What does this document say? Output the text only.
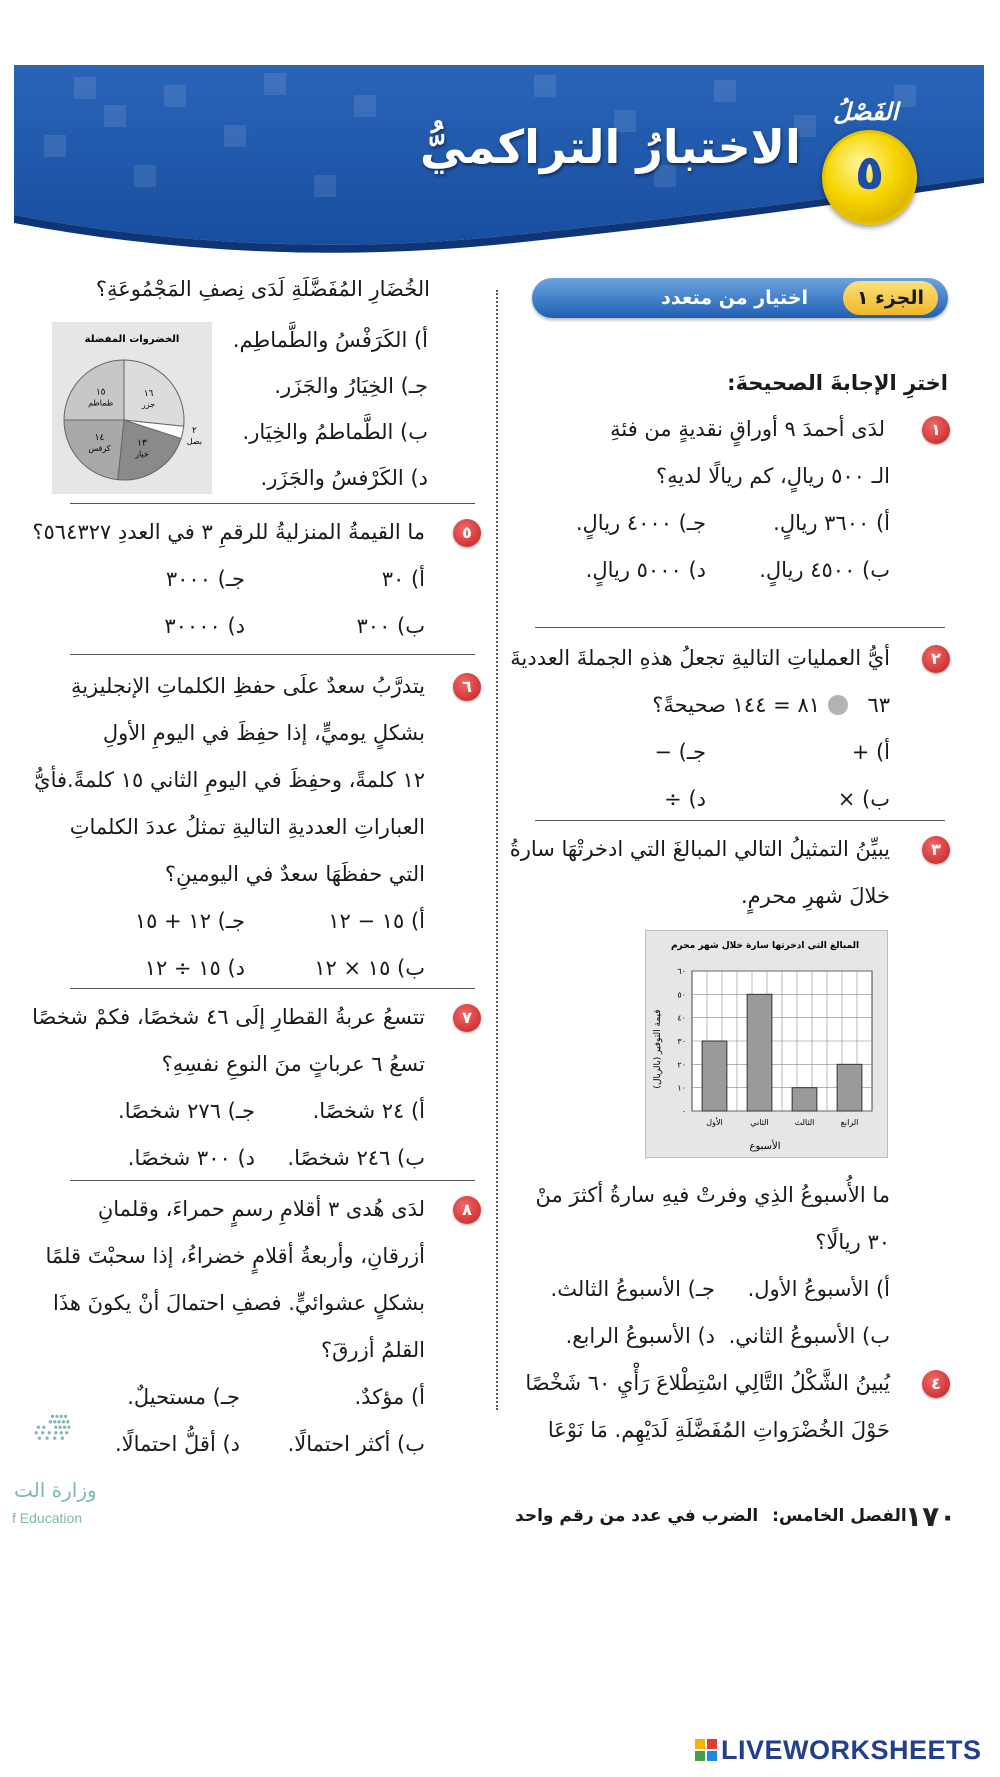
الفَصْلُ
٥
الاختبارُ التراكميُّ
الجزء ١
اختيار من متعدد
اخترِ الإجابةَ الصحيحةَ:
١
لدَى أحمدَ ٩ أوراقٍ نقديةٍ من فئةِ
الـ ٥٠٠ ريالٍ، كم ريالًا لديهِ؟
أ) ٣٦٠٠ ريالٍ.
جـ) ٤٠٠٠ ريالٍ.
ب) ٤٥٠٠ ريالٍ.
د) ٥٠٠٠ ريالٍ.
٢
أيُّ العملياتِ التاليةِ تجعلُ هذهِ الجملةَ العدديةَ
٦٣
٨١ = ١٤٤ صحيحةً؟
أ) +
جـ) −
ب) ×
د) ÷
٣
يبيِّنُ التمثيلُ التالي المبالغَ التي ادخرتْهَا سارةُ
خلالَ شهرِ محرمٍ.
المبالغ التي ادخرتها سارة خلال شهر محرم
الأسبوع
قيمة التوفير (بالريال)
٠
١٠
٢٠
٣٠
٤٠
٥٠
٦٠
الأول	الثاني	الثالث	الرابع
ما الأُسبوعُ الذِي وفرتْ فيهِ سارةُ أكثرَ منْ
٣٠ ريالًا؟
أ) الأسبوعُ الأول.
جـ) الأسبوعُ الثالث.
ب) الأسبوعُ الثاني.
د) الأسبوعُ الرابع.
٤
يُبينُ الشَّكْلُ التَّالِي اسْتِطْلاعَ رَأْيِ ٦٠ شَخْصًا
حَوْلَ الخُضْرَواتِ المُفَضَّلَةِ لَدَيْهِم. مَا نَوْعَا
الخُضَارِ المُفَضَّلَةِ لَدَى نِصفِ المَجْمُوعَةِ؟
الخضروات المفضلة
١٦
جزر
٢
بصل
١٣
خيار
١٤
كرفس
١٥
طماطم
أ) الكَرَفْسُ والطَّماطِم.
جـ) الخِيَارُ والجَزَر.
ب) الطَّماطمُ والخِيَار.
د) الكَرْفسُ والجَزَر.
٥
ما القيمةُ المنزليةُ للرقمِ ٣ في العددِ ٥٦٤٣٢٧؟
أ) ٣٠
جـ) ٣٠٠٠
ب) ٣٠٠
د) ٣٠٠٠٠
٦
يتدرَّبُ سعدٌ علَى حفظِ الكلماتِ الإنجليزيةِ
بشكلٍ يوميٍّ، إذا حفِظَ في اليومِ الأولِ
١٢ كلمةً، وحفِظَ في اليومِ الثاني ١٥ كلمةً.فأيُّ
العباراتِ العدديةِ التاليةِ تمثلُ عددَ الكلماتِ
التي حفظَهَا سعدٌ في اليومينِ؟
أ) ١٥ − ١٢
جـ) ١٢ + ١٥
ب) ١٥ × ١٢
د) ١٥ ÷ ١٢
٧
تتسعُ عربةُ القطارِ إلَى ٤٦ شخصًا، فكمْ شخصًا
تسعُ ٦ عرباتٍ منَ النوعِ نفسِهِ؟
أ) ٢٤ شخصًا.
جـ) ٢٧٦ شخصًا.
ب) ٢٤٦ شخصًا.
د) ٣٠٠ شخصًا.
٨
لدَى هُدى ٣ أقلامِ رسمٍ حمراءَ، وقلمانِ
أزرقانِ، وأربعةُ أقلامٍ خضراءُ، إذا سحبْتَ قلمًا
بشكلٍ عشوائيٍّ. فصفِ احتمالَ أنْ يكونَ هذَا
القلمُ أزرقَ؟
أ) مؤكدٌ.
جـ) مستحيلٌ.
ب) أكثر احتمالًا.
د) أقلُّ احتمالًا.
وزارة الت
f Education	١٧٠
الفصل الخامس: الضرب في عدد من رقم واحد
LIVEWORKSHEETS
